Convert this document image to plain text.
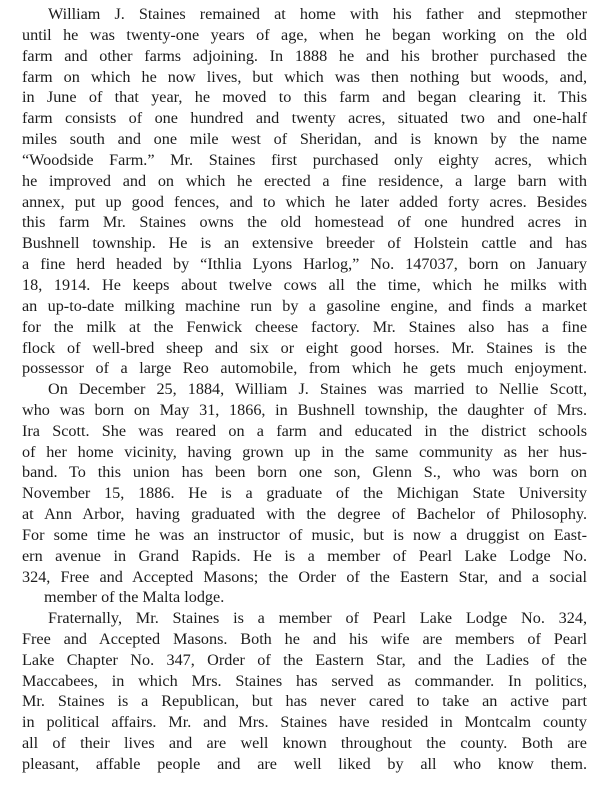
William J. Staines remained at home with his father and stepmother
until he was twenty-one years of age, when he began working on the old
farm and other farms adjoining. In 1888 he and his brother purchased the
farm on which he now lives, but which was then nothing but woods, and,
in June of that year, he moved to this farm and began clearing it. This
farm consists of one hundred and twenty acres, situated two and one-half
miles south and one mile west of Sheridan, and is known by the name
“Woodside Farm.” Mr. Staines first purchased only eighty acres, which
he improved and on which he erected a fine residence, a large barn with
annex, put up good fences, and to which he later added forty acres. Besides
this farm Mr. Staines owns the old homestead of one hundred acres in
Bushnell township. He is an extensive breeder of Holstein cattle and has
a fine herd headed by “Ithlia Lyons Harlog,” No. 147037, born on January
18, 1914. He keeps about twelve cows all the time, which he milks with
an up-to-date milking machine run by a gasoline engine, and finds a market
for the milk at the Fenwick cheese factory. Mr. Staines also has a fine
flock of well-bred sheep and six or eight good horses. Mr. Staines is the
possessor of a large Reo automobile, from which he gets much enjoyment.
On December 25, 1884, William J. Staines was married to Nellie Scott,
who was born on May 31, 1866, in Bushnell township, the daughter of Mrs.
Ira Scott. She was reared on a farm and educated in the district schools
of her home vicinity, having grown up in the same community as her hus-
band. To this union has been born one son, Glenn S., who was born on
November 15, 1886. He is a graduate of the Michigan State University
at Ann Arbor, having graduated with the degree of Bachelor of Philosophy.
For some time he was an instructor of music, but is now a druggist on East-
ern avenue in Grand Rapids. He is a member of Pearl Lake Lodge No.
324, Free and Accepted Masons; the Order of the Eastern Star, and a social
member of the Malta lodge.
Fraternally, Mr. Staines is a member of Pearl Lake Lodge No. 324,
Free and Accepted Masons. Both he and his wife are members of Pearl
Lake Chapter No. 347, Order of the Eastern Star, and the Ladies of the
Maccabees, in which Mrs. Staines has served as commander. In politics,
Mr. Staines is a Republican, but has never cared to take an active part
in political affairs. Mr. and Mrs. Staines have resided in Montcalm county
all of their lives and are well known throughout the county. Both are
pleasant, affable people and are well liked by all who know them.
